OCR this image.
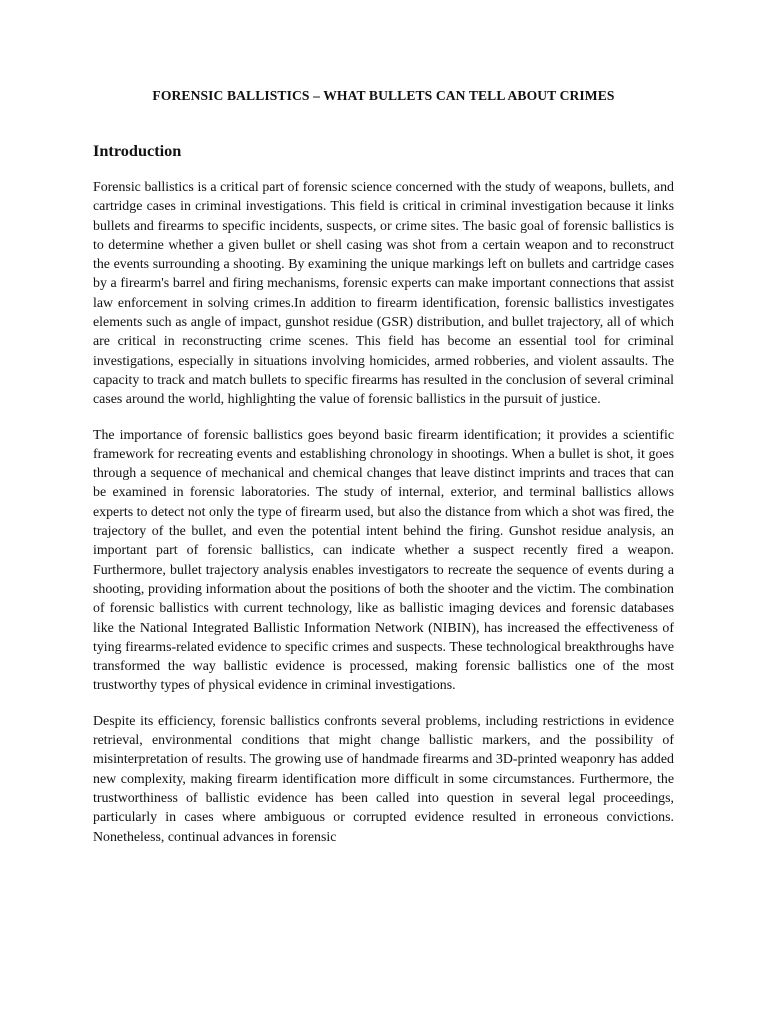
FORENSIC BALLISTICS – WHAT BULLETS CAN TELL ABOUT CRIMES
Introduction

Forensic ballistics is a critical part of forensic science concerned with the study of weapons, bullets, and cartridge cases in criminal investigations. This field is critical in criminal investigation because it links bullets and firearms to specific incidents, suspects, or crime sites. The basic goal of forensic ballistics is to determine whether a given bullet or shell casing was shot from a certain weapon and to reconstruct the events surrounding a shooting. By examining the unique markings left on bullets and cartridge cases by a firearm's barrel and firing mechanisms, forensic experts can make important connections that assist law enforcement in solving crimes.In addition to firearm identification, forensic ballistics investigates elements such as angle of impact, gunshot residue (GSR) distribution, and bullet trajectory, all of which are critical in reconstructing crime scenes. This field has become an essential tool for criminal investigations, especially in situations involving homicides, armed robberies, and violent assaults. The capacity to track and match bullets to specific firearms has resulted in the conclusion of several criminal cases around the world, highlighting the value of forensic ballistics in the pursuit of justice.

The importance of forensic ballistics goes beyond basic firearm identification; it provides a scientific framework for recreating events and establishing chronology in shootings. When a bullet is shot, it goes through a sequence of mechanical and chemical changes that leave distinct imprints and traces that can be examined in forensic laboratories. The study of internal, exterior, and terminal ballistics allows experts to detect not only the type of firearm used, but also the distance from which a shot was fired, the trajectory of the bullet, and even the potential intent behind the firing. Gunshot residue analysis, an important part of forensic ballistics, can indicate whether a suspect recently fired a weapon. Furthermore, bullet trajectory analysis enables investigators to recreate the sequence of events during a shooting, providing information about the positions of both the shooter and the victim. The combination of forensic ballistics with current technology, like as ballistic imaging devices and forensic databases like the National Integrated Ballistic Information Network (NIBIN), has increased the effectiveness of tying firearms-related evidence to specific crimes and suspects. These technological breakthroughs have transformed the way ballistic evidence is processed, making forensic ballistics one of the most trustworthy types of physical evidence in criminal investigations.

Despite its efficiency, forensic ballistics confronts several problems, including restrictions in evidence retrieval, environmental conditions that might change ballistic markers, and the possibility of misinterpretation of results. The growing use of handmade firearms and 3D-printed weaponry has added new complexity, making firearm identification more difficult in some circumstances. Furthermore, the trustworthiness of ballistic evidence has been called into question in several legal proceedings, particularly in cases where ambiguous or corrupted evidence resulted in erroneous convictions. Nonetheless, continual advances in forensic
